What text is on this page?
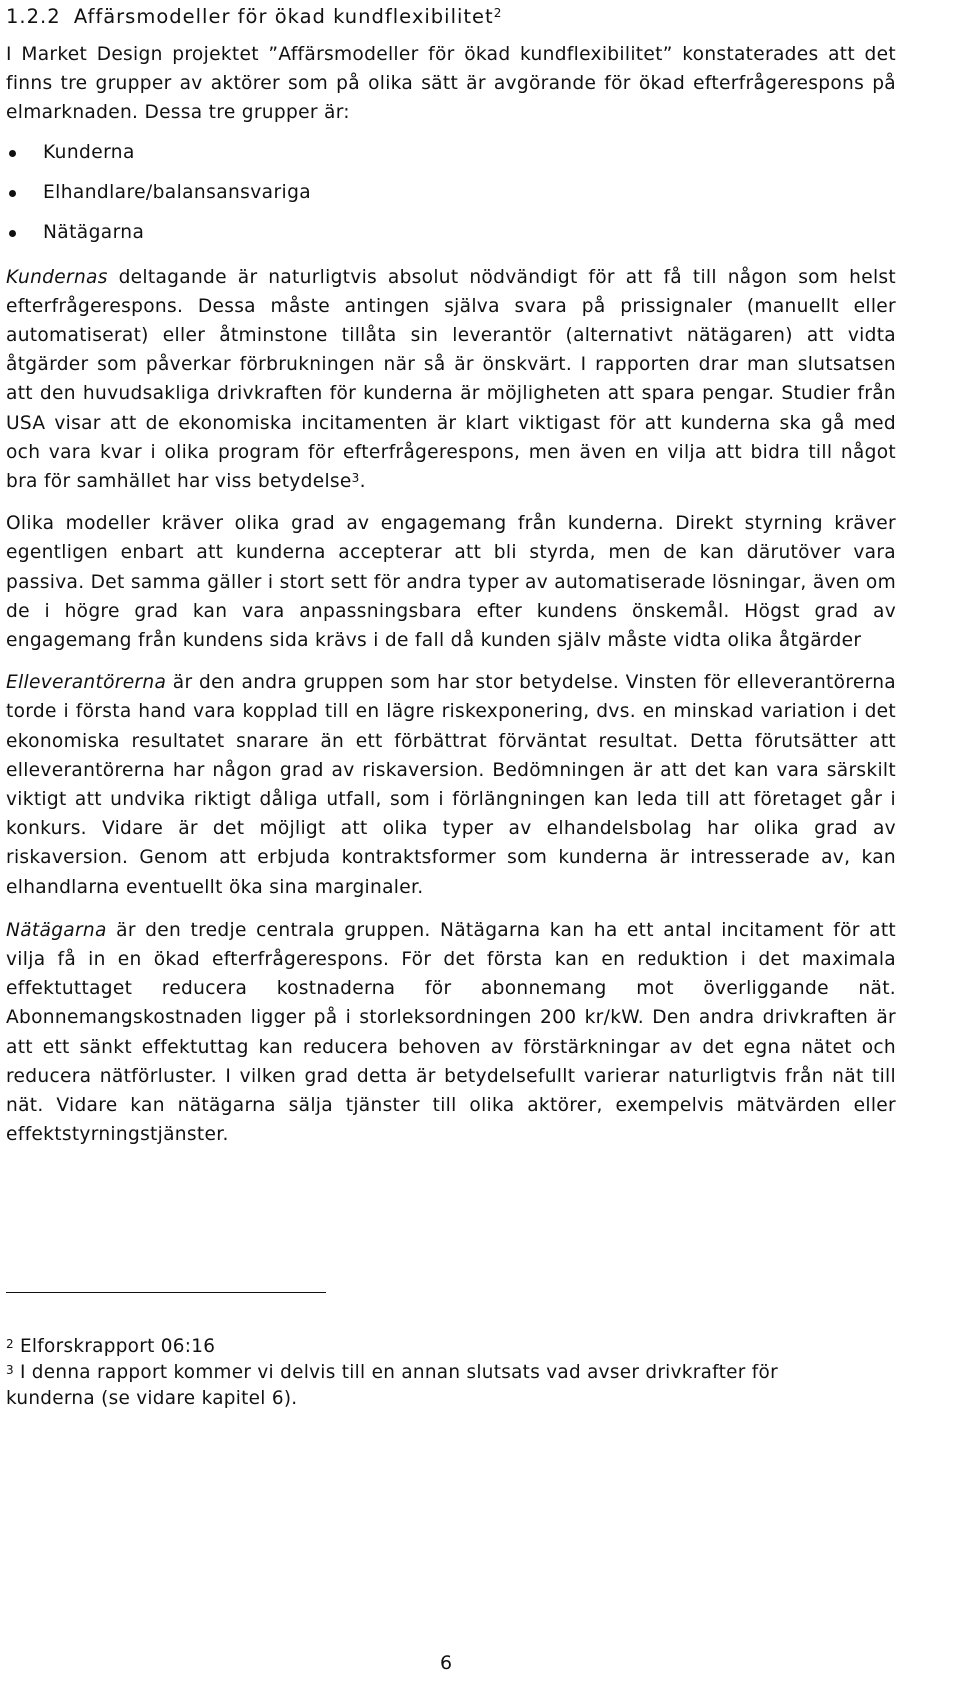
1.2.2 Affärsmodeller för ökad kundflexibilitet$^2$

I Market Design projektet ”Affärsmodeller för ökad kundflexibilitet” konstaterades att det finns tre grupper av aktörer som på olika sätt är avgörande för ökad efterfrågerespons på elmarknaden. Dessa tre grupper är:

Kunderna
Elhandlare/balansansvariga
Nätägarna

Kundernas deltagande är naturligtvis absolut nödvändigt för att få till någon som helst efterfrågerespons. Dessa måste antingen själva svara på prissignaler (manuellt eller automatiserat) eller åtminstone tillåta sin leverantör (alternativt nätägaren) att vidta åtgärder som påverkar förbrukningen när så är önskvärt. I rapporten drar man slutsatsen att den huvudsakliga drivkraften för kunderna är möjligheten att spara pengar. Studier från USA visar att de ekonomiska incitamenten är klart viktigast för att kunderna ska gå med och vara kvar i olika program för efterfrågerespons, men även en vilja att bidra till något bra för samhället har viss betydelse$^3$.

Olika modeller kräver olika grad av engagemang från kunderna. Direkt styrning kräver egentligen enbart att kunderna accepterar att bli styrda, men de kan därutöver vara passiva. Det samma gäller i stort sett för andra typer av automatiserade lösningar, även om de i högre grad kan vara anpassningsbara efter kundens önskemål. Högst grad av engagemang från kundens sida krävs i de fall då kunden själv måste vidta olika åtgärder

Elleverantörerna är den andra gruppen som har stor betydelse. Vinsten för elleverantörerna torde i första hand vara kopplad till en lägre riskexponering, dvs. en minskad variation i det ekonomiska resultatet snarare än ett förbättrat förväntat resultat. Detta förutsätter att elleverantörerna har någon grad av riskaversion. Bedömningen är att det kan vara särskilt viktigt att undvika riktigt dåliga utfall, som i förlängningen kan leda till att företaget går i konkurs. Vidare är det möjligt att olika typer av elhandelsbolag har olika grad av riskaversion. Genom att erbjuda kontraktsformer som kunderna är intresserade av, kan elhandlarna eventuellt öka sina marginaler.

Nätägarna är den tredje centrala gruppen. Nätägarna kan ha ett antal incitament för att vilja få in en ökad efterfrågerespons. För det första kan en reduktion i det maximala effektuttaget reducera kostnaderna för abonnemang mot överliggande nät. Abonnemangskostnaden ligger på i storleksordningen 200 kr/kW. Den andra drivkraften är att ett sänkt effektuttag kan reducera behoven av förstärkningar av det egna nätet och reducera nätförluster. I vilken grad detta är betydelsefullt varierar naturligtvis från nät till nät. Vidare kan nätägarna sälja tjänster till olika aktörer, exempelvis mätvärden eller effektstyrningstjänster.

$^2$ Elforskrapport 06:16

$^3$ I denna rapport kommer vi delvis till en annan slutsats vad avser drivkrafter för kunderna (se vidare kapitel 6).

6
